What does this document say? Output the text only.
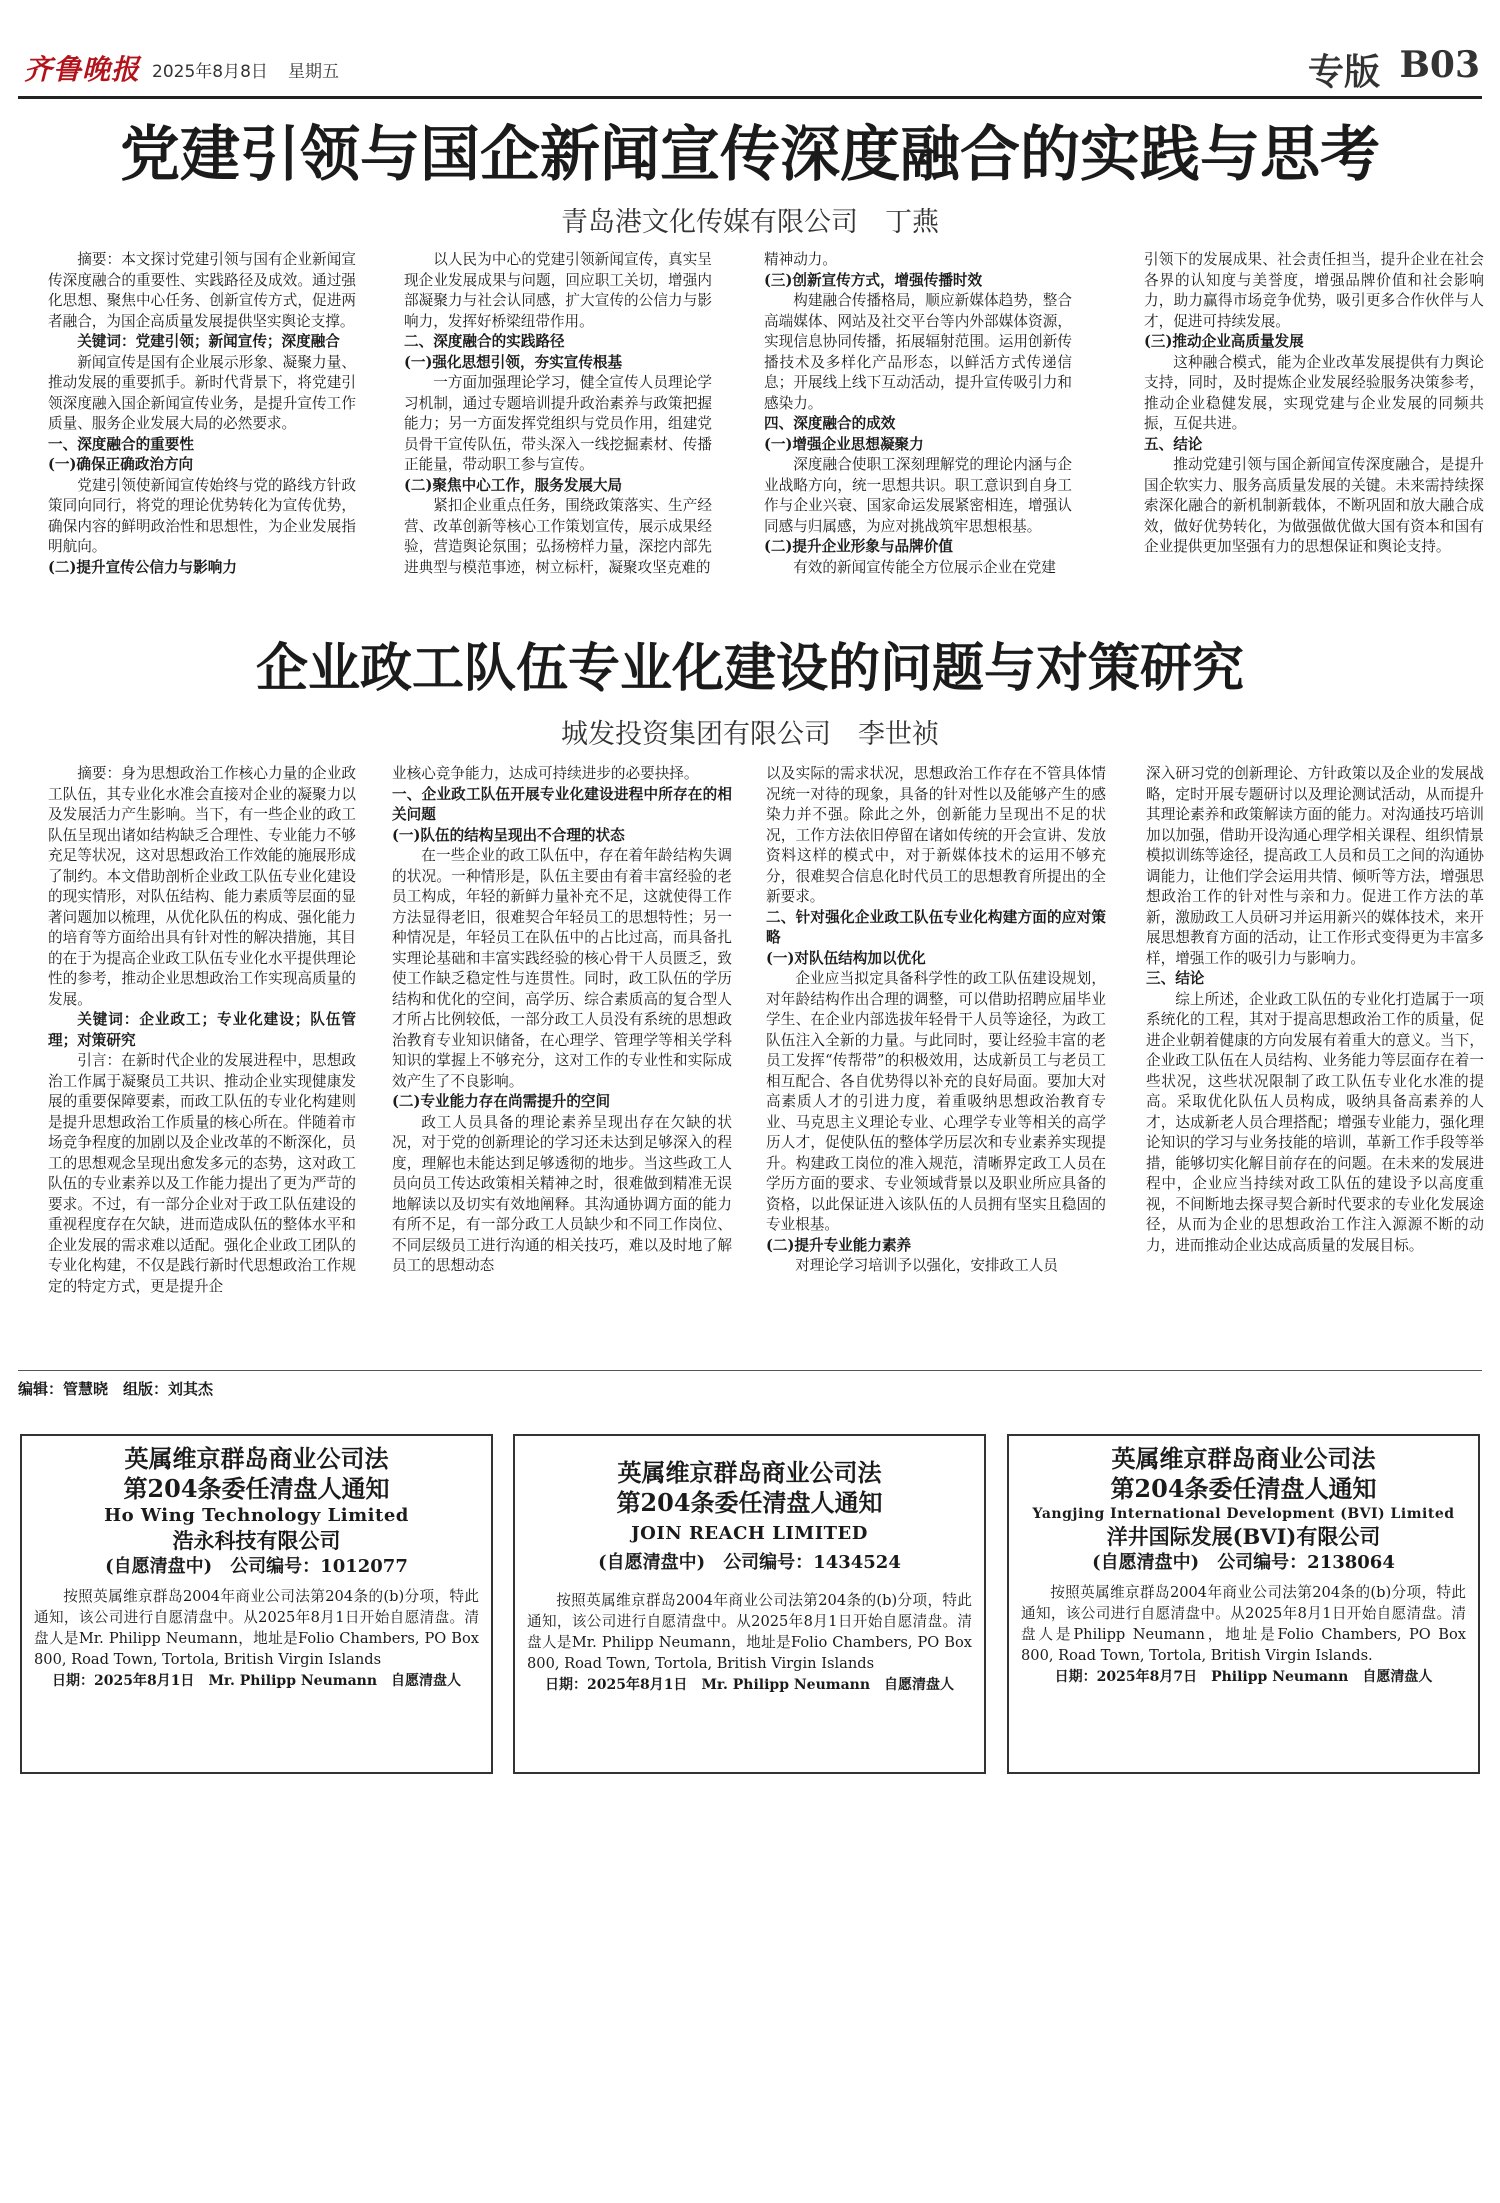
齐鲁晚报 2025年8月8日 星期五	专版 B03
党建引领与国企新闻宣传深度融合的实践与思考
青岛港文化传媒有限公司　丁燕

摘要：本文探讨党建引领与国有企业新闻宣传深度融合的重要性、实践路径及成效。通过强化思想、聚焦中心任务、创新宣传方式，促进两者融合，为国企高质量发展提供坚实舆论支撑。

关键词：党建引领；新闻宣传；深度融合

新闻宣传是国有企业展示形象、凝聚力量、推动发展的重要抓手。新时代背景下，将党建引领深度融入国企新闻宣传业务，是提升宣传工作质量、服务企业发展大局的必然要求。

一、深度融合的重要性

(一)确保正确政治方向

党建引领使新闻宣传始终与党的路线方针政策同向同行，将党的理论优势转化为宣传优势，确保内容的鲜明政治性和思想性，为企业发展指明航向。

(二)提升宣传公信力与影响力

以人民为中心的党建引领新闻宣传，真实呈现企业发展成果与问题，回应职工关切，增强内部凝聚力与社会认同感，扩大宣传的公信力与影响力，发挥好桥梁纽带作用。

二、深度融合的实践路径

(一)强化思想引领，夯实宣传根基

一方面加强理论学习，健全宣传人员理论学习机制，通过专题培训提升政治素养与政策把握能力；另一方面发挥党组织与党员作用，组建党员骨干宣传队伍，带头深入一线挖掘素材、传播正能量，带动职工参与宣传。

(二)聚焦中心工作，服务发展大局

紧扣企业重点任务，围绕政策落实、生产经营、改革创新等核心工作策划宣传，展示成果经验，营造舆论氛围；弘扬榜样力量，深挖内部先进典型与模范事迹，树立标杆，凝聚攻坚克难的

精神动力。

(三)创新宣传方式，增强传播时效

构建融合传播格局，顺应新媒体趋势，整合高端媒体、网站及社交平台等内外部媒体资源，实现信息协同传播，拓展辐射范围。运用创新传播技术及多样化产品形态，以鲜活方式传递信息；开展线上线下互动活动，提升宣传吸引力和感染力。

四、深度融合的成效

(一)增强企业思想凝聚力

深度融合使职工深刻理解党的理论内涵与企业战略方向，统一思想共识。职工意识到自身工作与企业兴衰、国家命运发展紧密相连，增强认同感与归属感，为应对挑战筑牢思想根基。

(二)提升企业形象与品牌价值

有效的新闻宣传能全方位展示企业在党建

引领下的发展成果、社会责任担当，提升企业在社会各界的认知度与美誉度，增强品牌价值和社会影响力，助力赢得市场竞争优势，吸引更多合作伙伴与人才，促进可持续发展。

(三)推动企业高质量发展

这种融合模式，能为企业改革发展提供有力舆论支持，同时，及时提炼企业发展经验服务决策参考，推动企业稳健发展，实现党建与企业发展的同频共振，互促共进。

五、结论

推动党建引领与国企新闻宣传深度融合，是提升国企软实力、服务高质量发展的关键。未来需持续探索深化融合的新机制新载体，不断巩固和放大融合成效，做好优势转化，为做强做优做大国有资本和国有企业提供更加坚强有力的思想保证和舆论支持。

企业政工队伍专业化建设的问题与对策研究
城发投资集团有限公司　李世祯

摘要：身为思想政治工作核心力量的企业政工队伍，其专业化水准会直接对企业的凝聚力以及发展活力产生影响。当下，有一些企业的政工队伍呈现出诸如结构缺乏合理性、专业能力不够充足等状况，这对思想政治工作效能的施展形成了制约。本文借助剖析企业政工队伍专业化建设的现实情形，对队伍结构、能力素质等层面的显著问题加以梳理，从优化队伍的构成、强化能力的培育等方面给出具有针对性的解决措施，其目的在于为提高企业政工队伍专业化水平提供理论性的参考，推动企业思想政治工作实现高质量的发展。

关键词：企业政工；专业化建设；队伍管理；对策研究

引言：在新时代企业的发展进程中，思想政治工作属于凝聚员工共识、推动企业实现健康发展的重要保障要素，而政工队伍的专业化构建则是提升思想政治工作质量的核心所在。伴随着市场竞争程度的加剧以及企业改革的不断深化，员工的思想观念呈现出愈发多元的态势，这对政工队伍的专业素养以及工作能力提出了更为严苛的要求。不过，有一部分企业对于政工队伍建设的重视程度存在欠缺，进而造成队伍的整体水平和企业发展的需求难以适配。强化企业政工团队的专业化构建，不仅是践行新时代思想政治工作规定的特定方式，更是提升企

业核心竞争能力，达成可持续进步的必要抉择。

一、企业政工队伍开展专业化建设进程中所存在的相关问题

(一)队伍的结构呈现出不合理的状态

在一些企业的政工队伍中，存在着年龄结构失调的状况。一种情形是，队伍主要由有着丰富经验的老员工构成，年轻的新鲜力量补充不足，这就使得工作方法显得老旧，很难契合年轻员工的思想特性；另一种情况是，年轻员工在队伍中的占比过高，而具备扎实理论基础和丰富实践经验的核心骨干人员匮乏，致使工作缺乏稳定性与连贯性。同时，政工队伍的学历结构和优化的空间，高学历、综合素质高的复合型人才所占比例较低，一部分政工人员没有系统的思想政治教育专业知识储备，在心理学、管理学等相关学科知识的掌握上不够充分，这对工作的专业性和实际成效产生了不良影响。

(二)专业能力存在尚需提升的空间

政工人员具备的理论素养呈现出存在欠缺的状况，对于党的创新理论的学习还未达到足够深入的程度，理解也未能达到足够透彻的地步。当这些政工人员向员工传达政策相关精神之时，很难做到精准无误地解读以及切实有效地阐释。其沟通协调方面的能力有所不足，有一部分政工人员缺少和不同工作岗位、不同层级员工进行沟通的相关技巧，难以及时地了解员工的思想动态

以及实际的需求状况，思想政治工作存在不管具体情况统一对待的现象，具备的针对性以及能够产生的感染力并不强。除此之外，创新能力呈现出不足的状况，工作方法依旧停留在诸如传统的开会宣讲、发放资料这样的模式中，对于新媒体技术的运用不够充分，很难契合信息化时代员工的思想教育所提出的全新要求。

二、针对强化企业政工队伍专业化构建方面的应对策略

(一)对队伍结构加以优化

企业应当拟定具备科学性的政工队伍建设规划，对年龄结构作出合理的调整，可以借助招聘应届毕业学生、在企业内部选拔年轻骨干人员等途径，为政工队伍注入全新的力量。与此同时，要让经验丰富的老员工发挥“传帮带”的积极效用，达成新员工与老员工相互配合、各自优势得以补充的良好局面。要加大对高素质人才的引进力度，着重吸纳思想政治教育专业、马克思主义理论专业、心理学专业等相关的高学历人才，促使队伍的整体学历层次和专业素养实现提升。构建政工岗位的准入规范，清晰界定政工人员在学历方面的要求、专业领域背景以及职业所应具备的资格，以此保证进入该队伍的人员拥有坚实且稳固的专业根基。

(二)提升专业能力素养

对理论学习培训予以强化，安排政工人员

深入研习党的创新理论、方针政策以及企业的发展战略，定时开展专题研讨以及理论测试活动，从而提升其理论素养和政策解读方面的能力。对沟通技巧培训加以加强，借助开设沟通心理学相关课程、组织情景模拟训练等途径，提高政工人员和员工之间的沟通协调能力，让他们学会运用共情、倾听等方法，增强思想政治工作的针对性与亲和力。促进工作方法的革新，激励政工人员研习并运用新兴的媒体技术，来开展思想教育方面的活动，让工作形式变得更为丰富多样，增强工作的吸引力与影响力。

三、结论

综上所述，企业政工队伍的专业化打造属于一项系统化的工程，其对于提高思想政治工作的质量，促进企业朝着健康的方向发展有着重大的意义。当下，企业政工队伍在人员结构、业务能力等层面存在着一些状况，这些状况限制了政工队伍专业化水准的提高。采取优化队伍人员构成，吸纳具备高素养的人才，达成新老人员合理搭配；增强专业能力，强化理论知识的学习与业务技能的培训，革新工作手段等举措，能够切实化解目前存在的问题。在未来的发展进程中，企业应当持续对政工队伍的建设予以高度重视，不间断地去探寻契合新时代要求的专业化发展途径，从而为企业的思想政治工作注入源源不断的动力，进而推动企业达成高质量的发展目标。

编辑：管慧晓　组版：刘其杰
英属维京群岛商业公司法
第204条委任清盘人通知
Ho Wing Technology Limited
浩永科技有限公司
(自愿清盘中)　 公司编号：1012077
按照英属维京群岛2004年商业公司法第204条的(b)分项，特此通知，该公司进行自愿清盘中。从2025年8月1日开始自愿清盘。清盘人是Mr. Philipp Neumann，地址是Folio Chambers, PO Box 800, Road Town, Tortola, British Virgin Islands
日期：2025年8月1日　 Mr. Philipp Neumann　 自愿清盘人
英属维京群岛商业公司法
第204条委任清盘人通知
JOIN REACH LIMITED
(自愿清盘中)　 公司编号：1434524
按照英属维京群岛2004年商业公司法第204条的(b)分项，特此通知，该公司进行自愿清盘中。从2025年8月1日开始自愿清盘。清盘人是Mr. Philipp Neumann，地址是Folio Chambers, PO Box 800, Road Town, Tortola, British Virgin Islands
日期：2025年8月1日　 Mr. Philipp Neumann　 自愿清盘人
英属维京群岛商业公司法
第204条委任清盘人通知
Yangjing International Development (BVI) Limited
洋井国际发展(BVI)有限公司
(自愿清盘中)　 公司编号：2138064
按照英属维京群岛2004年商业公司法第204条的(b)分项，特此通知，该公司进行自愿清盘中。从2025年8月1日开始自愿清盘。清盘人是Philipp Neumann，地址是Folio Chambers, PO Box 800, Road Town, Tortola, British Virgin Islands.
日期：2025年8月7日　 Philipp Neumann　 自愿清盘人
